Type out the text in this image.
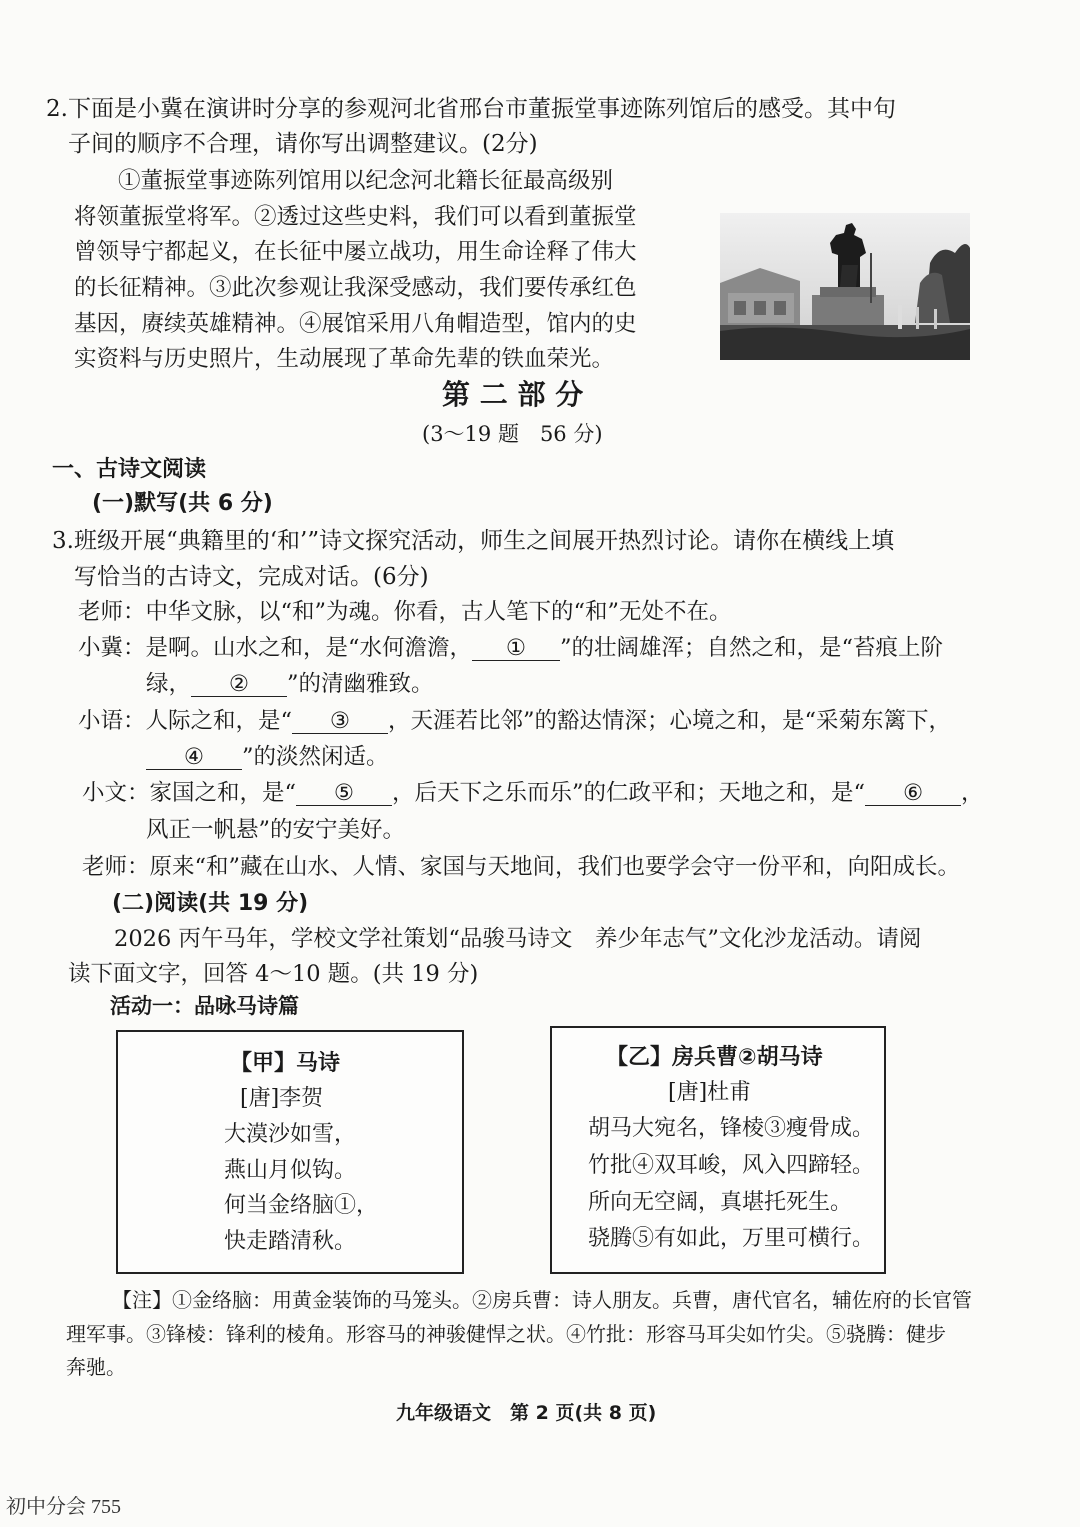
2.下面是小冀在演讲时分享的参观河北省邢台市董振堂事迹陈列馆后的感受。其中句
子间的顺序不合理，请你写出调整建议。(2分)
①董振堂事迹陈列馆用以纪念河北籍长征最高级别
将领董振堂将军。②透过这些史料，我们可以看到董振堂
曾领导宁都起义，在长征中屡立战功，用生命诠释了伟大
的长征精神。③此次参观让我深受感动，我们要传承红色
基因，赓续英雄精神。④展馆采用八角帽造型，馆内的史
实资料与历史照片，生动展现了革命先辈的铁血荣光。
第 二 部 分
(3～19 题　56 分)
一、古诗文阅读
(一)默写(共 6 分)
3.班级开展“典籍里的‘和’”诗文探究活动，师生之间展开热烈讨论。请你在横线上填
写恰当的古诗文，完成对话。(6分)
老师：中华文脉，以“和”为魂。你看，古人笔下的“和”无处不在。
小冀：是啊。山水之和，是“水何澹澹， ① ”的壮阔雄浑；自然之和，是“苔痕上阶
绿， ② ”的清幽雅致。
小语：人际之和，是“ ③ ，天涯若比邻”的豁达情深；心境之和，是“采菊东篱下，
④ ”的淡然闲适。
小文：家国之和，是“ ⑤ ，后天下之乐而乐”的仁政平和；天地之和，是“ ⑥ ，
风正一帆悬”的安宁美好。
老师：原来“和”藏在山水、人情、家国与天地间，我们也要学会守一份平和，向阳成长。
(二)阅读(共 19 分)
2026 丙午马年，学校文学社策划“品骏马诗文　养少年志气”文化沙龙活动。请阅
读下面文字，回答 4～10 题。(共 19 分)
活动一：品咏马诗篇
【甲】马诗
[唐]李贺
大漠沙如雪，
燕山月似钩。
何当金络脑①，
快走踏清秋。
【乙】房兵曹②胡马诗
[唐]杜甫
胡马大宛名，锋棱③瘦骨成。
竹批④双耳峻，风入四蹄轻。
所向无空阔，真堪托死生。
骁腾⑤有如此，万里可横行。
【注】①金络脑：用黄金装饰的马笼头。②房兵曹：诗人朋友。兵曹，唐代官名，辅佐府的长官管
理军事。③锋棱：锋利的棱角。形容马的神骏健悍之状。④竹批：形容马耳尖如竹尖。⑤骁腾：健步
奔驰。
九年级语文　第 2 页(共 8 页)
初中分会 755
